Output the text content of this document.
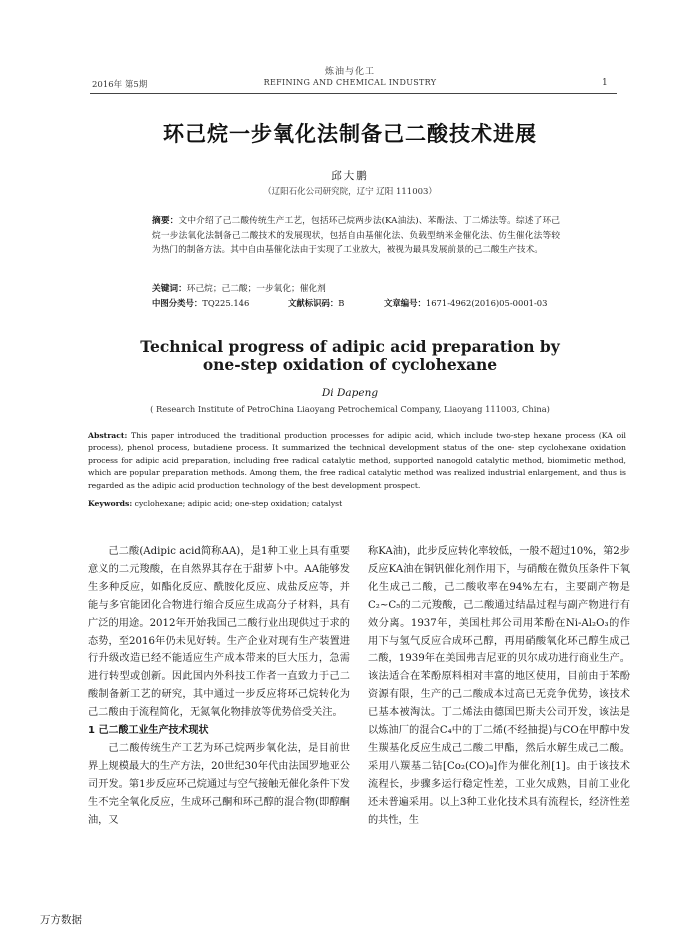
炼油与化工
2016年 第5期	REFINING AND CHEMICAL INDUSTRY	1
环己烷一步氧化法制备己二酸技术进展
邱大鹏
（辽阳石化公司研究院，辽宁 辽阳 111003）
摘要：文中介绍了己二酸传统生产工艺，包括环己烷两步法(KA油法)、苯酚法、丁二烯法等。综述了环己烷一步法氧化法制备己二酸技术的发展现状，包括自由基催化法、负载型纳米金催化法、仿生催化法等较为热门的制备方法。其中自由基催化法由于实现了工业放大，被视为最具发展前景的己二酸生产技术。
关键词：环己烷；己二酸；一步氧化；催化剂
中图分类号：TQ225.146	文献标识码：B	文章编号：1671-4962(2016)05-0001-03
Technical progress of adipic acid preparation by
one-step oxidation of cyclohexane
Di Dapeng
( Research Institute of PetroChina Liaoyang Petrochemical Company, Liaoyang 111003, China)
Abstract: This paper introduced the traditional production processes for adipic acid, which include two-step hexane process (KA oil process), phenol process, butadiene process. It summarized the technical development status of the one- step cyclohexane oxidation process for adipic acid preparation, including free radical catalytic method, supported nanogold catalytic method, biomimetic method, which are popular preparation methods. Among them, the free radical catalytic method was realized industrial enlargement, and thus is regarded as the adipic acid production technology of the best development prospect.
Keywords: cyclohexane; adipic acid; one-step oxidation; catalyst

己二酸(Adipic acid简称AA)，是1种工业上具有重要意义的二元羧酸，在自然界其存在于甜萝卜中。AA能够发生多种反应，如酯化反应、酰胺化反应、成盐反应等，并能与多官能团化合物进行缩合反应生成高分子材料，具有广泛的用途。2012年开始我国己二酸行业出现供过于求的态势，至2016年仍未见好转。生产企业对现有生产装置进行升级改造已经不能适应生产成本带来的巨大压力，急需进行转型或创新。因此国内外科技工作者一直致力于己二酸制备新工艺的研究，其中通过一步反应将环己烷转化为己二酸由于流程简化，无氮氧化物排放等优势倍受关注。

1 己二酸工业生产技术现状

己二酸传统生产工艺为环己烷两步氧化法，是目前世界上规模最大的生产方法，20世纪30年代由法国罗地亚公司开发。第1步反应环己烷通过与空气接触无催化条件下发生不完全氧化反应，生成环己酮和环己醇的混合物(即醇酮油，又

称KA油)，此步反应转化率较低，一般不超过10%，第2步反应KA油在铜钒催化剂作用下，与硝酸在微负压条件下氧化生成己二酸，己二酸收率在94%左右，主要副产物是C₂~C₅的二元羧酸，己二酸通过结晶过程与副产物进行有效分离。1937年，美国杜邦公司用苯酚在Ni-Al₂O₃的作用下与氢气反应合成环己醇，再用硝酸氧化环己醇生成己二酸，1939年在美国弗吉尼亚的贝尔成功进行商业生产。该法适合在苯酚原料相对丰富的地区使用，目前由于苯酚资源有限，生产的己二酸成本过高已无竞争优势，该技术已基本被淘汰。丁二烯法由德国巴斯夫公司开发，该法是以炼油厂的混合C₄中的丁二烯(不经抽提)与CO在甲醇中发生羰基化反应生成己二酸二甲酯，然后水解生成己二酸。采用八羰基二钴[Co₂(CO)₈]作为催化剂[1]。由于该技术流程长，步骤多运行稳定性差，工业欠成熟，目前工业化还未普遍采用。以上3种工业化技术具有流程长，经济性差的共性，生

万方数据
